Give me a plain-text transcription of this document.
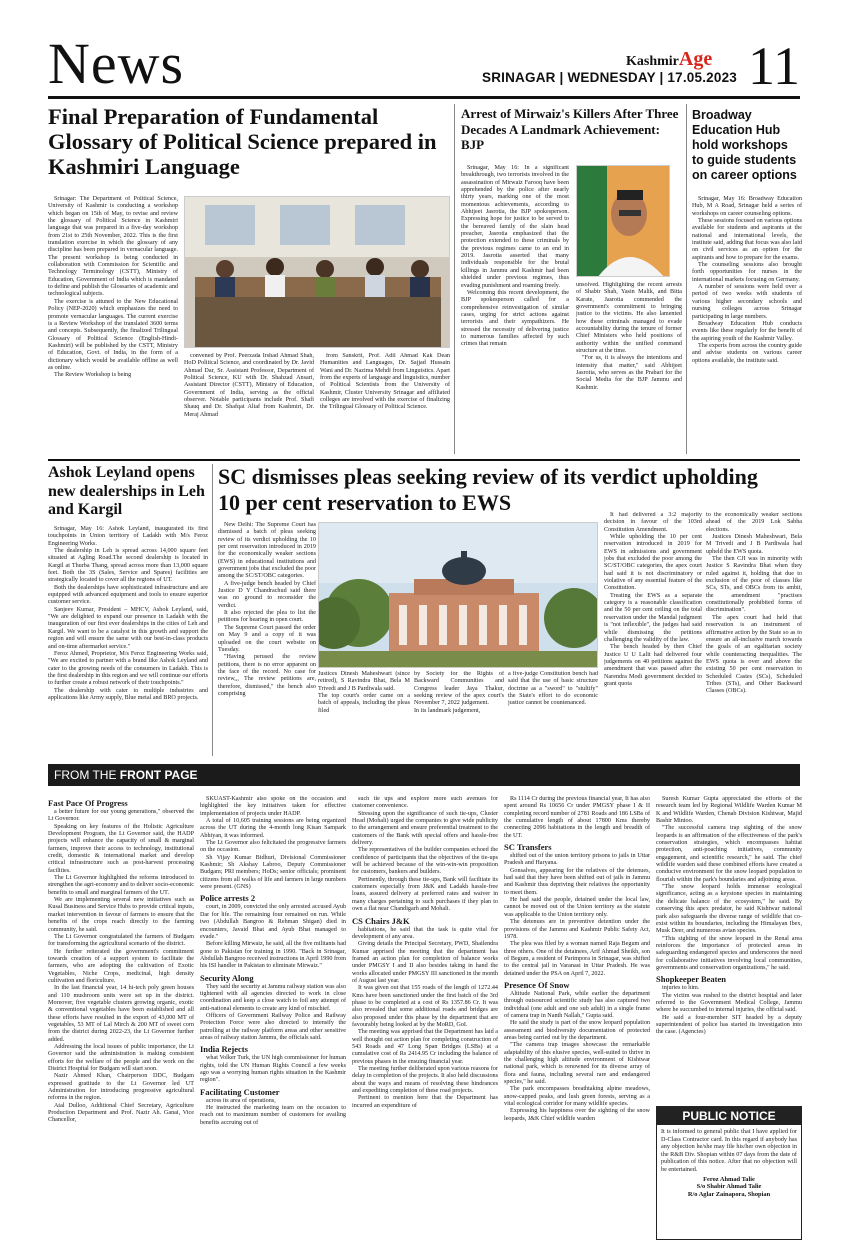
News	KashmirAge
SRINAGAR | WEDNESDAY | 17.05.2023 11
Final Preparation of Fundamental Glossary of Political Science prepared in Kashmiri Language
Srinagar: The Department of Political Science, University of Kashmir is conducting a workshop which began on 15th of May, to revise and review the glossary of Political Science in Kashmiri language that was prepared in a five-day workshop from 21st to 25th November, 2022. This is the first translation exercise in which the glossary of any discipline has been prepared in vernacular language. The present workshop is being conducted in collaboration with Commission for Scientific and Technology Terminology (CSTT), Ministry of Education, Government of India which is mandated to define and publish the Glossaries of academic and technological subjects.
The exercise is attuned to the New Educational Policy (NEP-2020) which emphasizes the need to promote vernacular languages. The current exercise is a Review Workshop of the translated 3600 terms and concepts. Subsequently, the finalized Trilingual Glossary of Political Science (English-Hindi-Kashmiri) will be published by the CSTT, Ministry of Education, Govt. of India, in the form of a dictionary which would be available offline as well as online.
The Review Workshop is being
convened by Prof. Peerzada Irshad Ahmad Shah, HoD Political Science, and coordinated by Dr. Javid Ahmad Dar, Sr. Assistant Professor, Department of Political Science, KU with Dr. Shahzad Ansari, Assistant Director (CSTT), Ministry of Education, Government of India, serving as the official observer. Notable participants include Prof. Shafi Shauq and Dr. Shafqat Altaf from Kashmiri, Dr. Meraj Ahmad
from Sanskrit, Prof. Adil Ahmad Kak Dean Humanities and Languages, Dr. Sajjad Hussain Wani and Dr. Nazima Mehdi from Linguistics. Apart from the experts of language and linguistics, number of Political Scientists from the University of Kashmir, Cluster University Srinagar and affiliated colleges are involved with the exercise of finalizing the Trilingual Glossary of Political Science.
Arrest of Mirwaiz's Killers After Three Decades A Landmark Achievement: BJP
Srinagar, May 16: In a significant breakthrough, two terrorists involved in the assassination of Mirwaiz Farooq have been apprehended by the police after nearly thirty years, marking one of the most momentous achievements, according to Abhijeet Jasrotia, the BJP spokesperson. Expressing hope for justice to be served to the bereaved family of the slain head preacher, Jasrotia emphasized that the protection extended to these criminals by the previous regimes came to an end in 2019. Jasrotia asserted that many individuals responsible for the brutal killings in Jammu and Kashmir had been shielded under previous regimes, thus evading punishment and roaming freely.
Welcoming this recent development, the BJP spokesperson called for a comprehensive reinvestigation of similar cases, urging for strict actions against terrorists and their sympathizers. He stressed the necessity of delivering justice to numerous families affected by such crimes that remain
unsolved. Highlighting the recent arrests of Shabir Shah, Yasin Malik, and Bitta Karate, Jasrotia commended the government's commitment to bringing justice to the victims. He also lamented how these criminals managed to evade accountability during the tenure of former Chief Ministers who held positions of authority within the unified command structure at the time.
"For us, it is always the intentions and intensity that matter," said Abhijeet Jasrotia, who serves as the Prabari for the Social Media for the BJP Jammu and Kashmir.
Broadway Education Hub hold workshops to guide students on career options
Srinagar, May 16: Broadway Education Hub, M A Road, Srinagar held a series of workshops on career counseling options.
These sessions focused on various options available for students and aspirants at the national and international levels, the institute said, adding that focus was also laid on civil services as an option for the aspirants and how to prepare for the exams.
The counseling sessions also brought forth opportunities for nurses in the international markets focusing on Germany.
A number of sessions were held over a period of two weeks with students of various higher secondary schools and nursing colleges across Srinagar participating in large numbers.
Broadway Education Hub conducts events like these regularly for the benefit of the aspiring youth of the Kashmir Valley.
The experts from across the country guide and advise students on various career options available, the institute said.
Ashok Leyland opens new dealerships in Leh and Kargil
Srinagar, May 16: Ashok Leyland, inaugurated its first touchpoints in Union territory of Ladakh with M/s Feroz Engineering Works.
The dealership in Leh is spread across 14,000 square feet situated at Agling Road.The second dealership is located in Kargil at Thurba Thang, spread across more than 13,000 square feet. Both the 3S (Sales, Service and Spares) facilities are strategically located to cover all the regions of UT.
Both the dealerships have sophisticated infrastructure and are equipped with advanced equipment and tools to ensure superior customer service.
Sanjeev Kumar, President – MHCV, Ashok Leyland, said, "We are delighted to expand our presence in Ladakh with the inauguration of our first ever dealerships in the cities of Leh and Kargil. We want to be a catalyst in this growth and support the region and will ensure the same with our best-in-class products and on-time aftermarket service."
Feroz Ahmed, Proprietor, M/s Feroz Engineering Works said, "We are excited to partner with a brand like Ashok Leyland and cater to the growing needs of the consumers in Ladakh. This is the first dealership in this region and we will continue our efforts to further create a robust network of their touchpoints."
The dealership with cater to multiple industries and applications like Army supply, Blue metal and BRO projects.
SC dismisses pleas seeking review of its verdict upholding 10 per cent reservation to EWS
New Delhi: The Supreme Court has dismissed a batch of pleas seeking review of its verdict upholding the 10 per cent reservation introduced in 2019 for the economically weaker sections (EWS) in educational institutions and government jobs that excluded the poor among the SC/ST/OBC categories.
A five-judge bench headed by Chief Justice D Y Chandrachud said there was no ground to reconsider the verdict.
It also rejected the plea to list the petitions for hearing in open court.
The Supreme Court passed the order on May 9 and a copy of it was uploaded on the court website on Tuesday.
"Having perused the review petitions, there is no error apparent on the face of the record. No case for review,,, The review petitions are, therefore, dismissed," the bench also comprising
Justices Dinesh Maheshwari (since retired), S Ravindra Bhat, Bela M Trivedi and J B Pardiwala said.
The top court's order came on a batch of appeals, including the pleas filed
by Society for the Rights of Backward Communities and Congress leader Jaya Thakur, seeking review of the apex court's November 7, 2022 judgement.
In its landmark judgement,
a five-judge Constitution bench had said that the use of basic structure doctrine as a "sword" to "stultify" the State's effort to do economic justice cannot be countenanced.
It had delivered a 3:2 majority decision in favour of the 103rd Constitution Amendment.
While upholding the 10 per cent reservation introduced in 2019 for EWS in admissions and government jobs that excluded the poor among the SC/ST/OBC categories, the apex court had said it is not discriminatory or violative of any essential feature of the Constitution.
Treating the EWS as a separate category is a reasonable classification and the 50 per cent ceiling on the total reservation under the Mandal judgment is "not inflexible", the judges had said while dismissing the petitions challenging the validity of the law.
The bench headed by then Chief Justice U U Lalit had delivered four judgements on 40 petitions against the amendment that was passed after the Narendra Modi government decided to grant quota
to the economically weaker sections ahead of the 2019 Lok Sabha elections.
Justices Dinesh Maheshwari, Bela M Trivedi and J B Pardiwala had upheld the EWS quota.
The then CJI was in minority with Justice S Ravindra Bhat when they ruled against it, holding that due to exclusion of the poor of classes like SCs, STs, and OBCs from its ambit, the amendment "practises constitutionally prohibited forms of discrimination".
The apex court had held that reservation is an instrument of affirmative action by the State so as to ensure an all-inclusive march towards the goals of an egalitarian society while counteracting inequalities. The EWS quota is over and above the existing 50 per cent reservation to Scheduled Castes (SCs), Scheduled Tribes (STs), and Other Backward Classes (OBCs).
FROM THE FRONT PAGE
Fast Pace Of Progress
a better future for our young generations," observed the Lt Governor.
Speaking on key features of the Holistic Agriculture Development Program, the Lt Governor said, the HADP projects will enhance the capacity of small & marginal farmers, improve their access to technology, institutional credit, domestic & international market and develop critical infrastructure such as post-harvest processing facilities.
The Lt Governor highlighted the reforms introduced to strengthen the agri-economy and to deliver socio-economic benefits to small and marginal farmers of the UT.
We are implementing several new initiatives such as Kusal Business and Service Hubs to provide critical inputs, market intervention in favour of farmers to ensure that the benefits of the crops reach directly to the farming community, he said.
The Lt Governor congratulated the farmers of Budgam for transforming the agricultural scenario of the district.
He further reiterated the government's commitment towards creation of a support system to facilitate the farmers, who are adopting the cultivation of Exotic Vegetables, Niche Crops, medicinal, high density cultivation and floriculture.
In the last financial year, 14 hi-tech poly green houses and 110 mushroom units were set up in the district. Moreover, five vegetable clusters growing organic, exotic & conventional vegetables have been established and all these efforts have resulted in the export of 43,000 MT of vegetables, 53 MT of Lal Mirch & 200 MT of sweet corn from the district during 2022-23, the Lt Governor further added.
Addressing the local issues of public importance, the Lt Governor said the administration is making consistent efforts for the welfare of the people and the work on the District Hospital for Budgam will start soon.
Nazir Ahmed Khan, Chairperson DDC, Budgam expressed gratitude to the Lt Governor led UT Administration for introducing progressive agricultural reforms in the region.
Atal Dulloo, Additional Chief Secretary, Agriculture Production Department and Prof. Nazir Ah. Ganai, Vice Chancellor,
SKUAST-Kashmir also spoke on the occasion and highlighted the key initiatives taken for effective implementation of projects under HADP.
A total of 10,605 training sessions are being organized across the UT during the 4-month long Kisan Sampark Abhiyan, it was informed.
The Lt Governor also felicitated the progressive farmers on the occasion.
Sh Vijay Kumar Bidhuri, Divisional Commissioner Kashmir; Sh Akshay Labroo, Deputy Commissioner Budgam; PRI members; HoDs; senior officials; prominent citizens from all walks of life and farmers in large numbers were present. (GNS)
Police arrests 2
court, in 2009, convicted the only arrested accused Ayub Dar for life. The remaining four remained on run. While two (Abdullah Bangroo & Rehman Shigan) died in encounters, Javaid Bhat and Ayub Bhat managed to evade."
Before killing Mirwaiz, he said, all the five militants had gone to Pakistan for training in 1990. "Back in Srinagar, Abdullah Bangroo received instructions in April 1990 from his ISI handler in Pakistan to eliminate Mirwaiz."
Security Along
They said the security at Jammu railway station was also tightened with all agencies directed to work in close coordination and keep a close watch to foil any attempt of anti-national elements to create any kind of mischief.
Officers of Government Railway Police and Railway Protection Force were also directed to intensify the patrolling at the railway platform areas and other sensitive areas of railway station Jammu, the officials said.
India Rejects
what Volker Turk, the UN high commissioner for human rights, told the UN Human Rights Council a few weeks ago was a worrying human rights situation in the Kashmir region".
Facilitating Customer
across its area of operations,
He instructed the marketing team on the occasion to reach out to maximum number of customers for availing benefits accruing out of
such tie ups and explore more such avenues for customer convenience.
Stressing upon the significance of such tie-ups, Cluster Head (Mohali) urged the companies to give wide publicity to the arrangement and ensure preferential treatment to the customers of the Bank with special offers and hassle-free delivery.
The representatives of the builder companies echoed the confidence of participants that the objectives of the tie-ups will be achieved because of the win-win-win proposition for customers, bankers and builders.
Pertinently, through these tie-ups, Bank will facilitate its customers especially from J&K and Ladakh hassle-free loans, assured delivery at preferred rates and waiver in many charges pertaining to such purchases if they plan to own a flat near Chandigarh and Mohali.
CS Chairs J&K
habitations, he said that the task is quite vital for development of any area.
Giving details the Principal Secretary, PWD, Shailendra Kumar apprised the meeting that the department has framed an action plan for completion of balance works under PMGSY I and II also besides taking in hand the works allocated under PMGSY III sanctioned in the month of August last year.
It was given out that 155 roads of the length of 1272.44 Kms have been sanctioned under the first batch of the 3rd phase to be completed at a cost of Rs 1357.86 Cr. It was also revealed that some additional roads and bridges are also proposed under this phase by the department that are favourably being looked at by the MoRD, GoI.
The meeting was apprised that the Department has laid a well thought out action plan for completing construction of 543 Roads and 47 Long Span Bridges (LSBs) at a cumulative cost of Rs 2414.95 Cr including the balance of previous phases in the ensuing financial year.
The meeting further deliberated upon various reasons for delay in completion of the projects. It also held discussions about the ways and means of resolving these hindrances and expediting completion of these road projects.
Pertinent to mention here that the Department has incurred an expenditure of
Rs 1114 Cr during the previous financial year, It has also spent around Rs 10656 Cr under PMGSY phase I & II completing record number of 2781 Roads and 186 LSBs of the cumulative length of about 17800 Kms thereby connecting 2096 habitations in the length and breadth of the UT.
SC Transfers
shifted out of the union territory prisons to jails in Uttar Pradesh and Haryana.
Gonsalves, appearing for the relatives of the detenues, had said that they have been shifted out of jails in Jammu and Kashmir thus depriving their relatives the opportunity to meet them.
He had said the people, detained under the local law, cannot be moved out of the Union territory as the statute was applicable to the Union territory only.
The detenues are in preventive detention under the provisions of the Jammu and Kashmir Public Safety Act, 1978.
The plea was filed by a woman named Raja Begum and three others. One of the detainees, Arif Ahmad Sheikh, son of Begum, a resident of Parimpora in Srinagar, was shifted to the central jail in Varanasi in Uttar Pradesh. He was detained under the PSA on April 7, 2022.
Presence Of Snow
Altitude National Park, while earlier the department through outsourced scientific study has also captured two individual (one adult and one sub adult) in a single frame of camera trap in Nanth Nallah," Gupta said.
He said the study is part of the snow leopard population assessment and biodiversity documentation of protected areas being carried out by the department.
"The camera trap images showcase the remarkable adaptability of this elusive species, well-suited to thrive in the challenging high altitude environment of Kishtwar national park, which is renowned for its diverse array of flora and fauna, including several rare and endangered species," he said.
The park encompasses breathtaking alpine meadows, snow-capped peaks, and lush green forests, serving as a vital ecological corridor for many wildlife species.
Expressing his happiness over the sighting of the snow leopards, J&K Chief wildlife warden
Suresh Kumar Gupta appreciated the efforts of the research team led by Regional Wildlife Warden Kumar M K and Wildlife Warden, Chenab Division Kishtwar, Majid Bashir Mintoo.
"The successful camera trap sighting of the snow leopards is an affirmation of the effectiveness of the park's conservation strategies, which encompasses habitat protection, anti-poaching initiatives, community engagement, and scientific research," he said. The chief wildlife warden said these combined efforts have created a conducive environment for the snow leopard population to flourish within the park's boundaries and adjoining areas.
"The snow leopard holds immense ecological significance, acting as a keystone species in maintaining the delicate balance of the ecosystem," he said. By conserving this apex predator, he said Kishtwar national park also safeguards the diverse range of wildlife that co-exist within its boundaries, including the Himalayan Ibex, Musk Deer, and numerous avian species.
"This sighting of the snow leopard in the Renal area reinforces the importance of protected areas in safeguarding endangered species and underscores the need for collaborative initiatives involving local communities, governments and conservation organizations," he said.
Shopkeeper Beaten
injuries to him.
The victim was rushed to the district hospital and later referred to the Government Medical College, Jammu where he succumbed to internal injuries, the official said.
He said a four-member SIT headed by a deputy superintendent of police has started its investigation into the case. (Agencies)
PUBLIC NOTICE
It is informed to general public that I have applied for D-Class Contractor card. In this regard if anybody has any objection he/she may file his/her own objection in the R&B Div. Shopian within 07 days from the date of publication of this notice. After that no objection will be entertained.
Feroz Ahmad Talie
S/o Shabir Ahmad Talie
R/o Aglar Zainapora, Shopian
